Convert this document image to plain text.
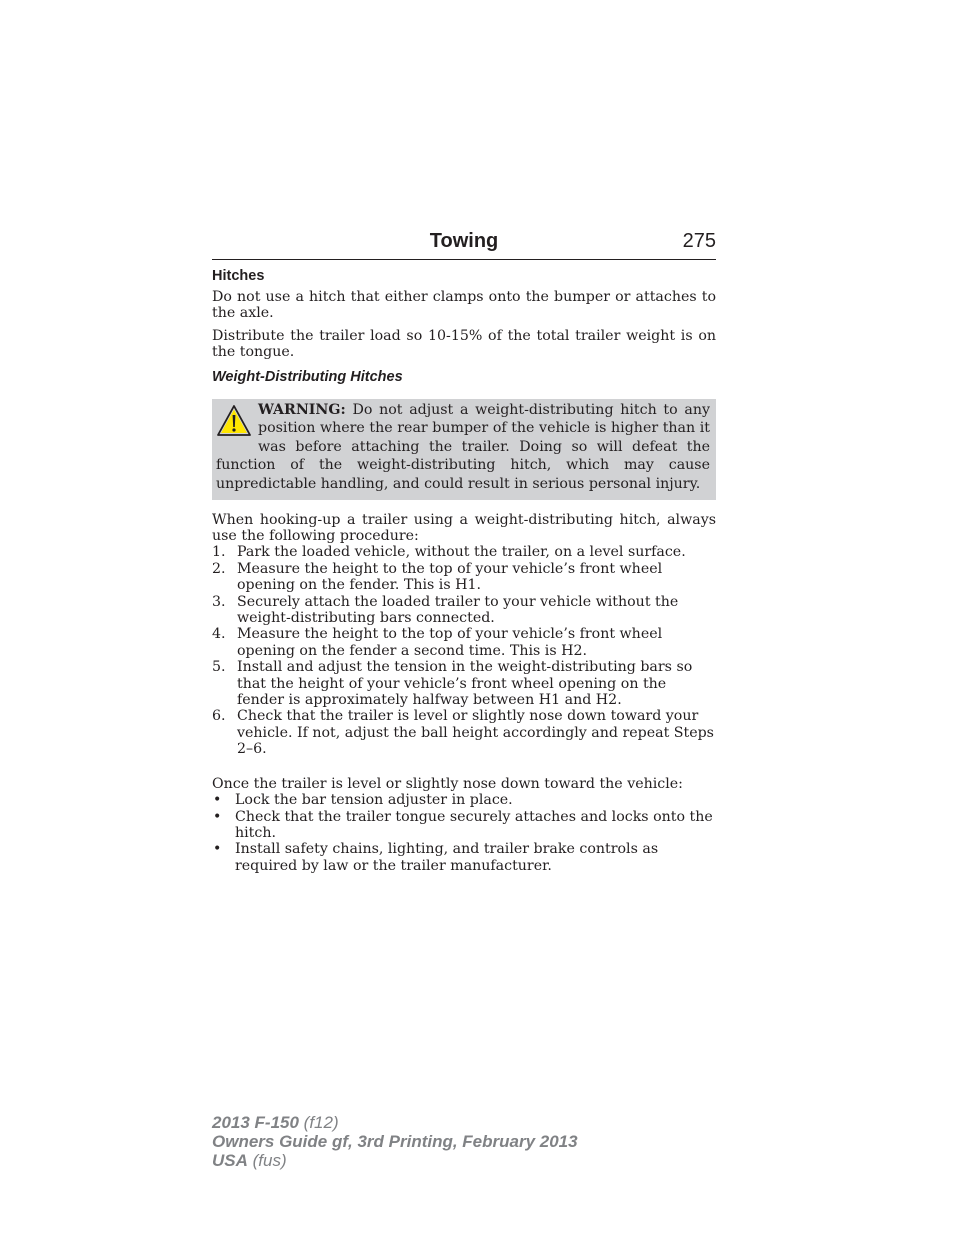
Towing	275
Hitches

Do not use a hitch that either clamps onto the bumper or attaches to the axle.

Distribute the trailer load so 10-15% of the total trailer weight is on the tongue.

Weight-Distributing Hitches
WARNING: Do not adjust a weight-distributing hitch to any position where the rear bumper of the vehicle is higher than it was before attaching the trailer. Doing so will defeat the function of the weight-distributing hitch, which may cause unpredictable handling, and could result in serious personal injury.

When hooking-up a trailer using a weight-distributing hitch, always use the following procedure:

1. Park the loaded vehicle, without the trailer, on a level surface.
2. Measure the height to the top of your vehicle’s front wheel opening on the fender. This is H1.
3. Securely attach the loaded trailer to your vehicle without the weight-distributing bars connected.
4. Measure the height to the top of your vehicle’s front wheel opening on the fender a second time. This is H2.
5. Install and adjust the tension in the weight-distributing bars so that the height of your vehicle’s front wheel opening on the fender is approximately halfway between H1 and H2.
6. Check that the trailer is level or slightly nose down toward your vehicle. If not, adjust the ball height accordingly and repeat Steps 2–6.

Once the trailer is level or slightly nose down toward the vehicle:

• Lock the bar tension adjuster in place.
• Check that the trailer tongue securely attaches and locks onto the hitch.
• Install safety chains, lighting, and trailer brake controls as required by law or the trailer manufacturer.
2013 F-150 (f12)
Owners Guide gf, 3rd Printing, February 2013
USA (fus)
